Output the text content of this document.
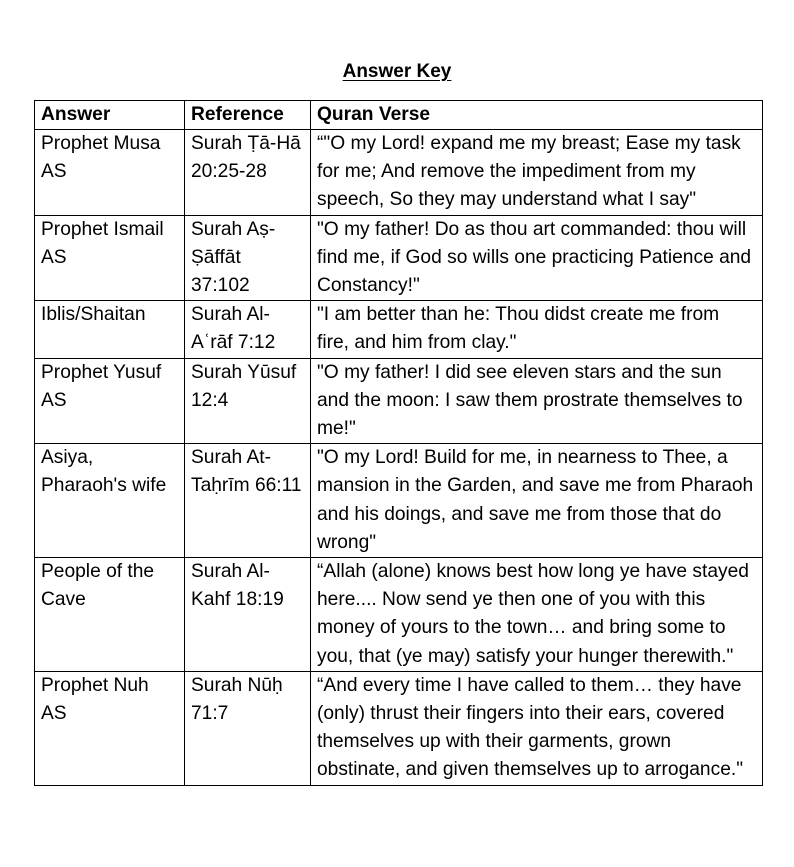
Answer Key
Answer	Reference	Quran Verse
Prophet Musa AS	Surah Ṭā-Hā 20:25-28	“"O my Lord! expand me my breast; Ease my task for me; And remove the impediment from my speech, So they may understand what I say"
Prophet Ismail AS	Surah Aṣ-Ṣāffāt 37:102	"O my father! Do as thou art commanded: thou will find me, if God so wills one practicing Patience and Constancy!"
Iblis/Shaitan	Surah Al-Aʿrāf 7:12	"I am better than he: Thou didst create me from fire, and him from clay."
Prophet Yusuf AS	Surah Yūsuf 12:4	"O my father! I did see eleven stars and the sun and the moon: I saw them prostrate themselves to me!"
Asiya, Pharaoh's wife	Surah At-Taḥrīm 66:11	"O my Lord! Build for me, in nearness to Thee, a mansion in the Garden, and save me from Pharaoh and his doings, and save me from those that do wrong"
People of the Cave	Surah Al-Kahf 18:19	“Allah (alone) knows best how long ye have stayed here.... Now send ye then one of you with this money of yours to the town… and bring some to you, that (ye may) satisfy your hunger therewith."
Prophet Nuh AS	Surah Nūḥ 71:7	“And every time I have called to them… they have (only) thrust their fingers into their ears, covered themselves up with their garments, grown obstinate, and given themselves up to arrogance."
